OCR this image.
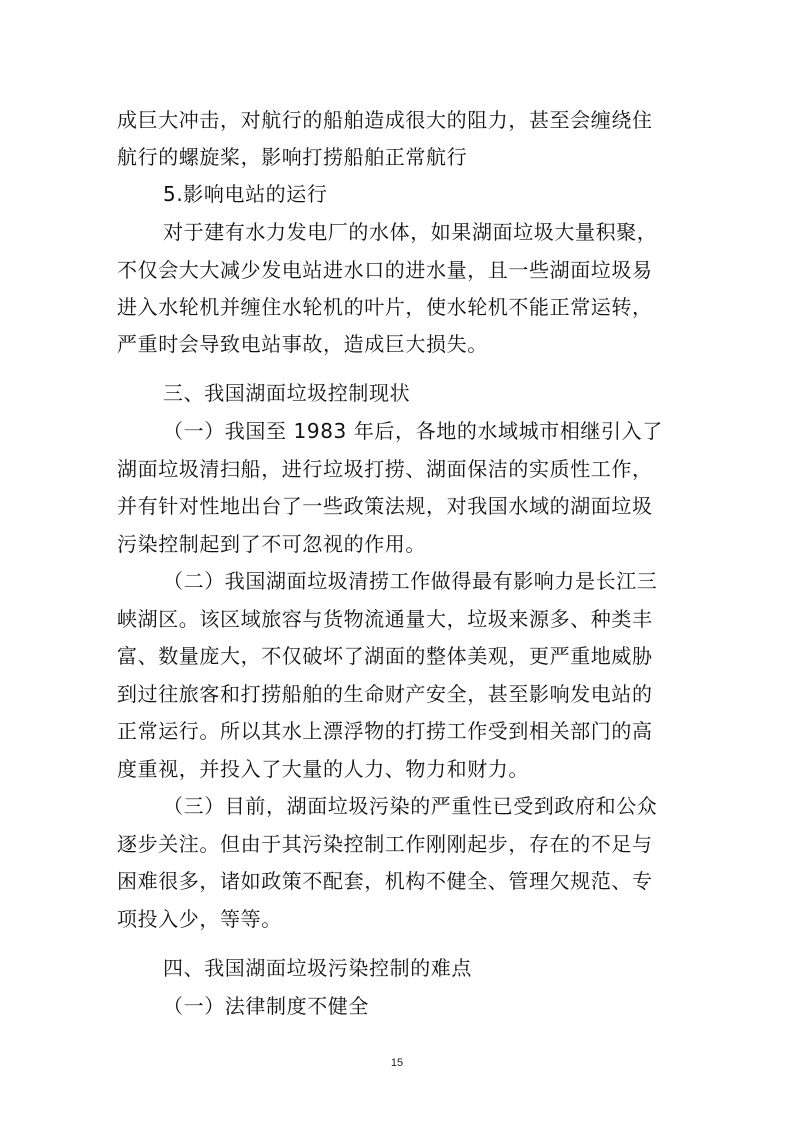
成巨大冲击，对航行的船舶造成很大的阻力，甚至会缠绕住
航行的螺旋桨，影响打捞船舶正常航行
5.影响电站的运行
对于建有水力发电厂的水体，如果湖面垃圾大量积聚，
不仅会大大减少发电站进水口的进水量，且一些湖面垃圾易
进入水轮机并缠住水轮机的叶片，使水轮机不能正常运转，
严重时会导致电站事故，造成巨大损失。
三、我国湖面垃圾控制现状
（一）我国至 1983 年后，各地的水域城市相继引入了
湖面垃圾清扫船，进行垃圾打捞、湖面保洁的实质性工作，
并有针对性地出台了一些政策法规，对我国水域的湖面垃圾
污染控制起到了不可忽视的作用。
（二）我国湖面垃圾清捞工作做得最有影响力是长江三
峡湖区。该区域旅容与货物流通量大，垃圾来源多、种类丰
富、数量庞大，不仅破坏了湖面的整体美观，更严重地威胁
到过往旅客和打捞船舶的生命财产安全，甚至影响发电站的
正常运行。所以其水上漂浮物的打捞工作受到相关部门的高
度重视，并投入了大量的人力、物力和财力。
（三）目前，湖面垃圾污染的严重性已受到政府和公众
逐步关注。但由于其污染控制工作刚刚起步，存在的不足与
困难很多，诸如政策不配套，机构不健全、管理欠规范、专
项投入少，等等。
四、我国湖面垃圾污染控制的难点
（一）法律制度不健全
15
